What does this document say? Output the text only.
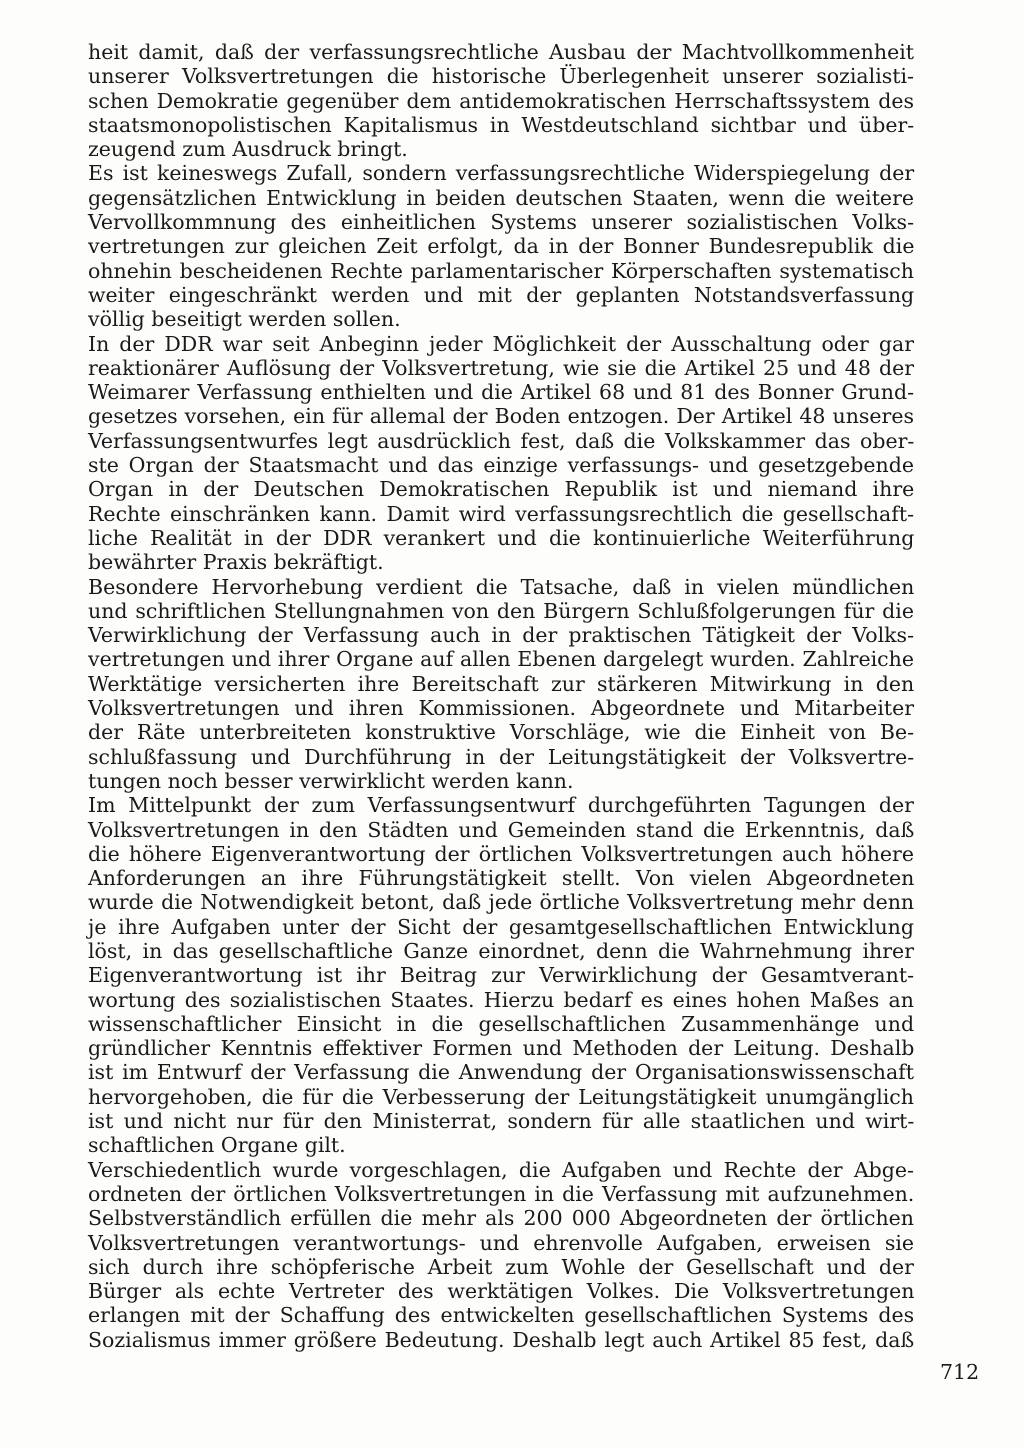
heit damit, daß der verfassungsrechtliche Ausbau der Machtvollkommenheit
unserer Volksvertretungen die historische Überlegenheit unserer sozialisti-
schen Demokratie gegenüber dem antidemokratischen Herrschaftssystem des
staatsmonopolistischen Kapitalismus in Westdeutschland sichtbar und über-
zeugend zum Ausdruck bringt.
Es ist keineswegs Zufall, sondern verfassungsrechtliche Widerspiegelung der
gegensätzlichen Entwicklung in beiden deutschen Staaten, wenn die weitere
Vervollkommnung des einheitlichen Systems unserer sozialistischen Volks-
vertretungen zur gleichen Zeit erfolgt, da in der Bonner Bundesrepublik die
ohnehin bescheidenen Rechte parlamentarischer Körperschaften systematisch
weiter eingeschränkt werden und mit der geplanten Notstandsverfassung
völlig beseitigt werden sollen.
In der DDR war seit Anbeginn jeder Möglichkeit der Ausschaltung oder gar
reaktionärer Auflösung der Volksvertretung, wie sie die Artikel 25 und 48 der
Weimarer Verfassung enthielten und die Artikel 68 und 81 des Bonner Grund-
gesetzes vorsehen, ein für allemal der Boden entzogen. Der Artikel 48 unseres
Verfassungsentwurfes legt ausdrücklich fest, daß die Volkskammer das ober-
ste Organ der Staatsmacht und das einzige verfassungs- und gesetzgebende
Organ in der Deutschen Demokratischen Republik ist und niemand ihre
Rechte einschränken kann. Damit wird verfassungsrechtlich die gesellschaft-
liche Realität in der DDR verankert und die kontinuierliche Weiterführung
bewährter Praxis bekräftigt.
Besondere Hervorhebung verdient die Tatsache, daß in vielen mündlichen
und schriftlichen Stellungnahmen von den Bürgern Schlußfolgerungen für die
Verwirklichung der Verfassung auch in der praktischen Tätigkeit der Volks-
vertretungen und ihrer Organe auf allen Ebenen dargelegt wurden. Zahlreiche
Werktätige versicherten ihre Bereitschaft zur stärkeren Mitwirkung in den
Volksvertretungen und ihren Kommissionen. Abgeordnete und Mitarbeiter
der Räte unterbreiteten konstruktive Vorschläge, wie die Einheit von Be-
schlußfassung und Durchführung in der Leitungstätigkeit der Volksvertre-
tungen noch besser verwirklicht werden kann.
Im Mittelpunkt der zum Verfassungsentwurf durchgeführten Tagungen der
Volksvertretungen in den Städten und Gemeinden stand die Erkenntnis, daß
die höhere Eigenverantwortung der örtlichen Volksvertretungen auch höhere
Anforderungen an ihre Führungstätigkeit stellt. Von vielen Abgeordneten
wurde die Notwendigkeit betont, daß jede örtliche Volksvertretung mehr denn
je ihre Aufgaben unter der Sicht der gesamtgesellschaftlichen Entwicklung
löst, in das gesellschaftliche Ganze einordnet, denn die Wahrnehmung ihrer
Eigenverantwortung ist ihr Beitrag zur Verwirklichung der Gesamtverant-
wortung des sozialistischen Staates. Hierzu bedarf es eines hohen Maßes an
wissenschaftlicher Einsicht in die gesellschaftlichen Zusammenhänge und
gründlicher Kenntnis effektiver Formen und Methoden der Leitung. Deshalb
ist im Entwurf der Verfassung die Anwendung der Organisationswissenschaft
hervorgehoben, die für die Verbesserung der Leitungstätigkeit unumgänglich
ist und nicht nur für den Ministerrat, sondern für alle staatlichen und wirt-
schaftlichen Organe gilt.
Verschiedentlich wurde vorgeschlagen, die Aufgaben und Rechte der Abge-
ordneten der örtlichen Volksvertretungen in die Verfassung mit aufzunehmen.
Selbstverständlich erfüllen die mehr als 200 000 Abgeordneten der örtlichen
Volksvertretungen verantwortungs- und ehrenvolle Aufgaben, erweisen sie
sich durch ihre schöpferische Arbeit zum Wohle der Gesellschaft und der
Bürger als echte Vertreter des werktätigen Volkes. Die Volksvertretungen
erlangen mit der Schaffung des entwickelten gesellschaftlichen Systems des
Sozialismus immer größere Bedeutung. Deshalb legt auch Artikel 85 fest, daß
712
